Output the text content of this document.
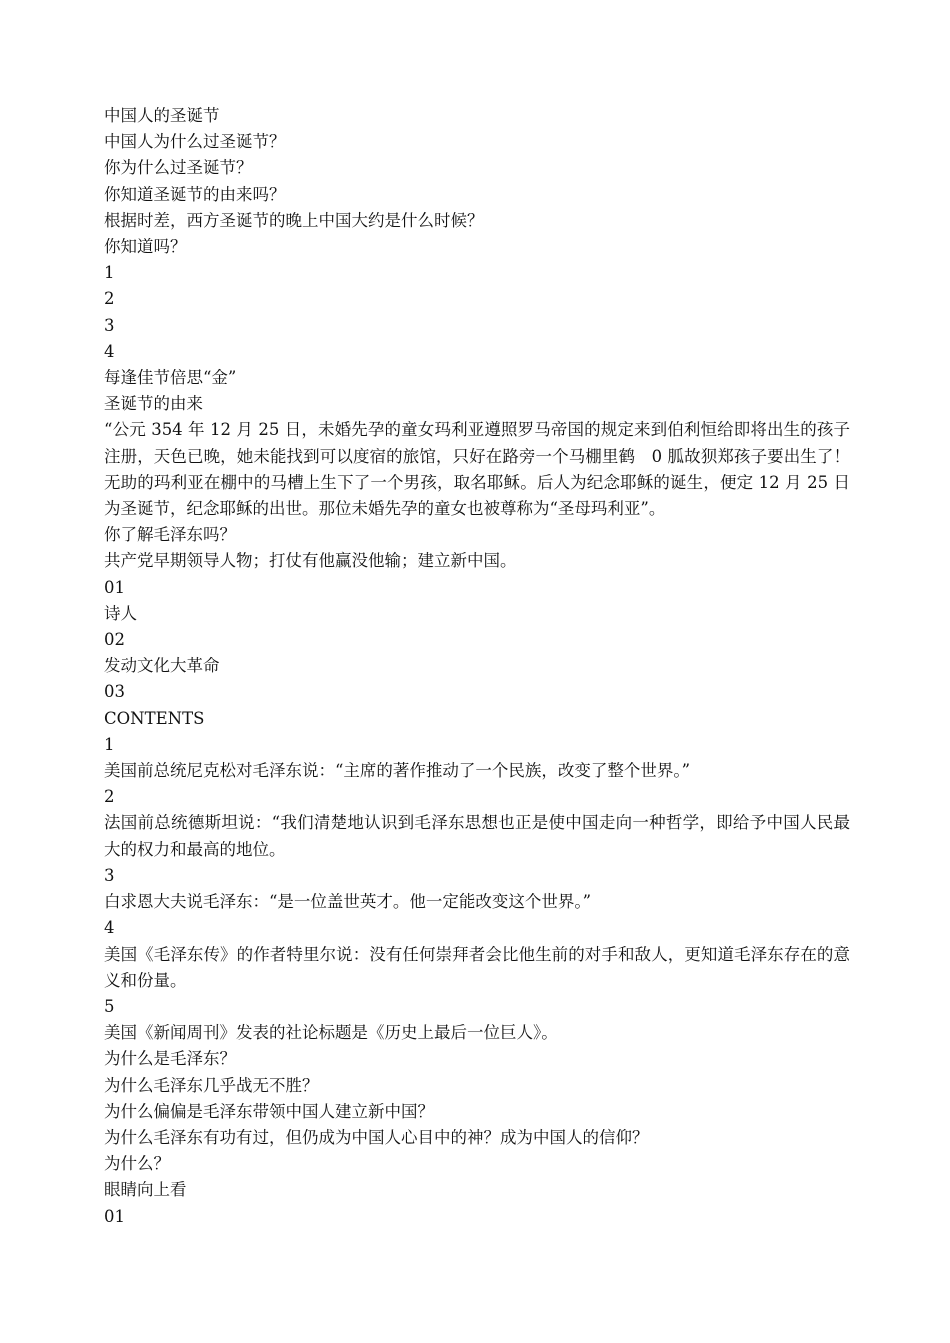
中国人的圣诞节
中国人为什么过圣诞节？
你为什么过圣诞节？
你知道圣诞节的由来吗？
根据时差，西方圣诞节的晚上中国大约是什么时候？
你知道吗？
1
2
3
4
每逢佳节倍思“金”
圣诞节的由来
“公元 354 年 12 月 25 日，未婚先孕的童女玛利亚遵照罗马帝国的规定来到伯利恒给即将出生的孩子注册，天色已晚，她未能找到可以度宿的旅馆，只好在路旁一个马棚里鹤　0 胍故狈郑孩子要出生了！无助的玛利亚在棚中的马槽上生下了一个男孩，取名耶稣。后人为纪念耶稣的诞生，便定 12 月 25 日为圣诞节，纪念耶稣的出世。那位未婚先孕的童女也被尊称为“圣母玛利亚”。
你了解毛泽东吗？
共产党早期领导人物；打仗有他赢没他输；建立新中国。
01
诗人
02
发动文化大革命
03
CONTENTS
1
美国前总统尼克松对毛泽东说：“主席的著作推动了一个民族，改变了整个世界。”
2
法国前总统德斯坦说：“我们清楚地认识到毛泽东思想也正是使中国走向一种哲学，即给予中国人民最大的权力和最高的地位。
3
白求恩大夫说毛泽东：“是一位盖世英才。他一定能改变这个世界。”
4
美国《毛泽东传》的作者特里尔说：没有任何崇拜者会比他生前的对手和敌人，更知道毛泽东存在的意义和份量。
5
美国《新闻周刊》发表的社论标题是《历史上最后一位巨人》。
为什么是毛泽东？
为什么毛泽东几乎战无不胜？
为什么偏偏是毛泽东带领中国人建立新中国？
为什么毛泽东有功有过，但仍成为中国人心目中的神？成为中国人的信仰？
为什么？
眼睛向上看
01
